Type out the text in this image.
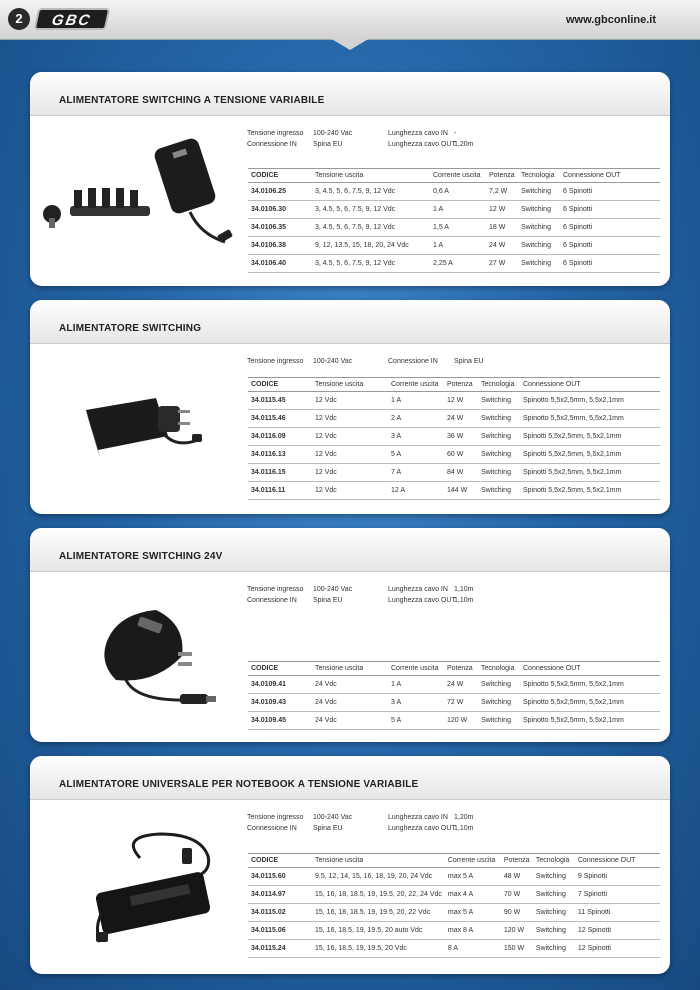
2	GBC	www.gbconline.it
ALIMENTATORE SWITCHING A TENSIONE VARIABILE
Tensione ingresso 100-240 Vac	Lunghezza cavo IN -
Connessione IN Spina EU	Lunghezza cavo OUT
1,20m
CODICE	Tensione uscita	Corrente uscita	Potenza	Tecnologia	Connessione OUT
34.0106.25	3, 4.5, 5, 6, 7.5, 9, 12 Vdc	0,6 A	7,2 W	Switching	6 Spinotti
34.0106.30	3, 4.5, 5, 6, 7.5, 9, 12 Vdc	1 A	12 W	Switching	6 Spinotti
34.0106.35	3, 4.5, 5, 6, 7.5, 9, 12 Vdc	1,5 A	18 W	Switching	6 Spinotti
34.0106.38	9, 12, 13.5, 15, 18, 20, 24 Vdc	1 A	24 W	Switching	6 Spinotti
34.0106.40	3, 4.5, 5, 6, 7.5, 9, 12 Vdc	2,25 A	27 W	Switching	6 Spinotti
ALIMENTATORE SWITCHING
Tensione ingresso 100-240 Vac	Connessione IN Spina EU
CODICE	Tensione uscita	Corrente uscita	Potenza	Tecnologia	Connessione OUT
34.0115.45	12 Vdc	1 A	12 W	Switching	Spinotto 5,5x2,5mm, 5,5x2,1mm
34.0115.46	12 Vdc	2 A	24 W	Switching	Spinotto 5,5x2,5mm, 5,5x2,1mm
34.0116.09	12 Vdc	3 A	36 W	Switching	Spinotti 5,5x2,5mm, 5,5x2,1mm
34.0116.13	12 Vdc	5 A	60 W	Switching	Spinotti 5,5x2,5mm, 5,5x2,1mm
34.0116.15	12 Vdc	7 A	84 W	Switching	Spinotti 5,5x2,5mm, 5,5x2,1mm
34.0116.11	12 Vdc	12 A	144 W	Switching	Spinotti 5,5x2,5mm, 5,5x2,1mm
ALIMENTATORE SWITCHING 24V
Tensione ingresso 100-240 Vac	Lunghezza cavo IN 1,10m
Connessione IN Spina EU	Lunghezza cavo OUT
1,10m
CODICE	Tensione uscita	Corrente uscita	Potenza	Tecnologia	Connessione OUT
34.0109.41	24 Vdc	1 A	24 W	Switching	Spinotto 5,5x2,5mm, 5,5x2,1mm
34.0109.43	24 Vdc	3 A	72 W	Switching	Spinotto 5,5x2,5mm, 5,5x2,1mm
34.0109.45	24 Vdc	5 A	120 W	Switching	Spinotto 5,5x2,5mm, 5,5x2,1mm
ALIMENTATORE UNIVERSALE PER NOTEBOOK A TENSIONE VARIABILE
Tensione ingresso 100-240 Vac	Lunghezza cavo IN 1,20m
Connessione IN Spina EU	Lunghezza cavo OUT
1,10m
CODICE	Tensione uscita	Corrente uscita	Potenza	Tecnologia	Connessione OUT
34.0115.60	9.5, 12, 14, 15, 16, 18, 19, 20, 24 Vdc	max 5 A	48 W	Switching	9 Spinotti
34.0114.97	15, 16, 18, 18.5, 19, 19.5, 20, 22, 24 Vdc	max 4 A	70 W	Switching	7 Spinotti
34.0115.02	15, 16, 18, 18.5, 19, 19.5, 20, 22 Vdc	max 5 A	90 W	Switching	11 Spinotti
34.0115.06	15, 16, 18.5, 19, 19.5, 20 auto Vdc	max 8 A	120 W	Switching	12 Spinotti
34.0115.24	15, 16, 18.5, 19, 19.5, 20 Vdc	8 A	150 W	Switching	12 Spinotti
